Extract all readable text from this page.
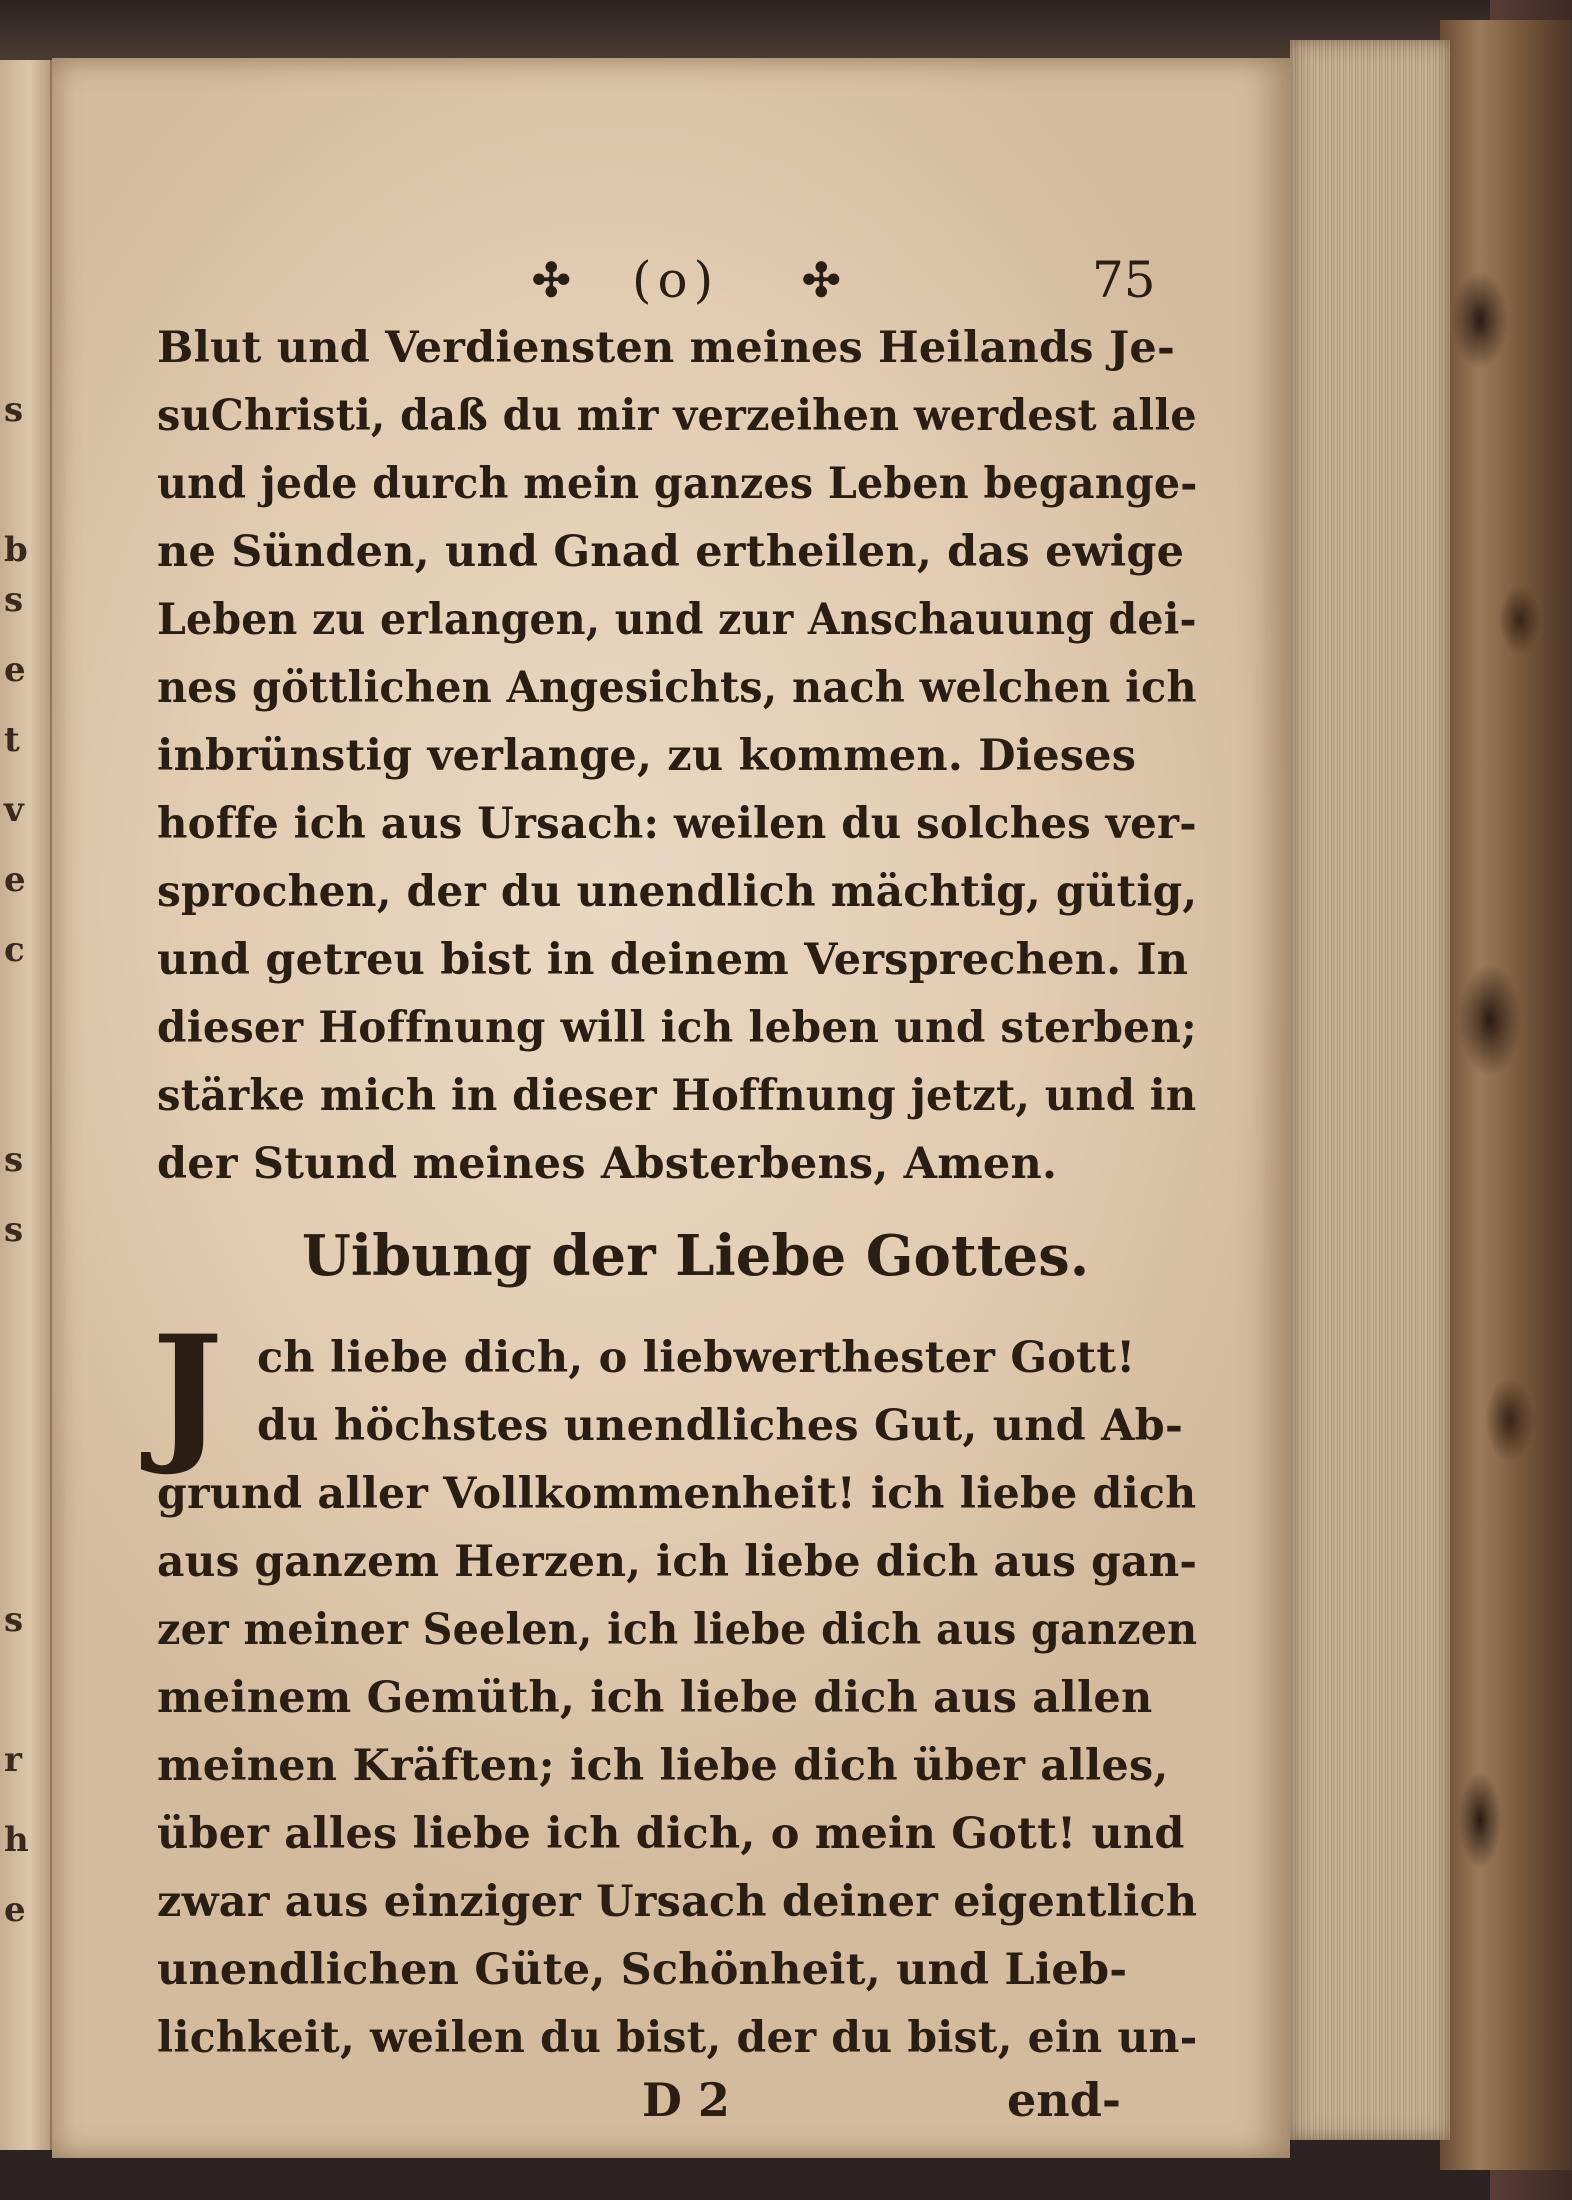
s
b
s
e
t
v
e
c
s
s
s
r
h
e
✣ (o) ✣	75
Blut und Verdiensten meines Heilands Je-
suChristi, daß du mir verzeihen werdest alle
und jede durch mein ganzes Leben begange-
ne Sünden, und Gnad ertheilen, das ewige
Leben zu erlangen, und zur Anschauung dei-
nes göttlichen Angesichts, nach welchen ich
inbrünstig verlange, zu kommen. Dieses
hoffe ich aus Ursach: weilen du solches ver-
sprochen, der du unendlich mächtig, gütig,
und getreu bist in deinem Versprechen. In
dieser Hoffnung will ich leben und sterben;
stärke mich in dieser Hoffnung jetzt, und in
der Stund meines Absterbens, Amen.
Uibung der Liebe Gottes.
J ch liebe dich, o liebwerthester Gott!
du höchstes unendliches Gut, und Ab-
grund aller Vollkommenheit! ich liebe dich
aus ganzem Herzen, ich liebe dich aus gan-
zer meiner Seelen, ich liebe dich aus ganzen
meinem Gemüth, ich liebe dich aus allen
meinen Kräften; ich liebe dich über alles,
über alles liebe ich dich, o mein Gott! und
zwar aus einziger Ursach deiner eigentlich
unendlichen Güte, Schönheit, und Lieb-
lichkeit, weilen du bist, der du bist, ein un-
D 2	end-
